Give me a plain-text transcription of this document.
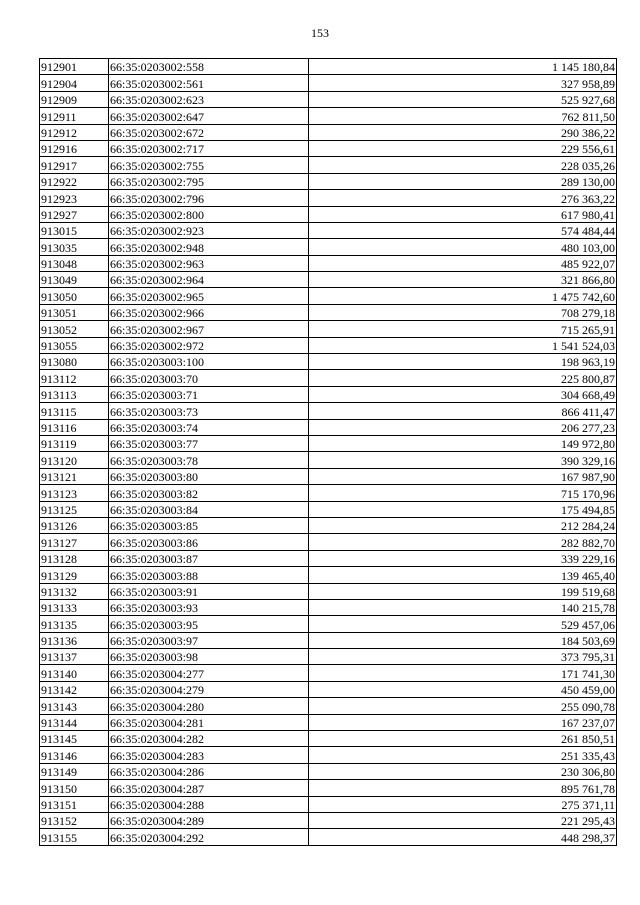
153
912901	66:35:0203002:558	1 145 180,84
912904	66:35:0203002:561	327 958,89
912909	66:35:0203002:623	525 927,68
912911	66:35:0203002:647	762 811,50
912912	66:35:0203002:672	290 386,22
912916	66:35:0203002:717	229 556,61
912917	66:35:0203002:755	228 035,26
912922	66:35:0203002:795	289 130,00
912923	66:35:0203002:796	276 363,22
912927	66:35:0203002:800	617 980,41
913015	66:35:0203002:923	574 484,44
913035	66:35:0203002:948	480 103,00
913048	66:35:0203002:963	485 922,07
913049	66:35:0203002:964	321 866,80
913050	66:35:0203002:965	1 475 742,60
913051	66:35:0203002:966	708 279,18
913052	66:35:0203002:967	715 265,91
913055	66:35:0203002:972	1 541 524,03
913080	66:35:0203003:100	198 963,19
913112	66:35:0203003:70	225 800,87
913113	66:35:0203003:71	304 668,49
913115	66:35:0203003:73	866 411,47
913116	66:35:0203003:74	206 277,23
913119	66:35:0203003:77	149 972,80
913120	66:35:0203003:78	390 329,16
913121	66:35:0203003:80	167 987,90
913123	66:35:0203003:82	715 170,96
913125	66:35:0203003:84	175 494,85
913126	66:35:0203003:85	212 284,24
913127	66:35:0203003:86	282 882,70
913128	66:35:0203003:87	339 229,16
913129	66:35:0203003:88	139 465,40
913132	66:35:0203003:91	199 519,68
913133	66:35:0203003:93	140 215,78
913135	66:35:0203003:95	529 457,06
913136	66:35:0203003:97	184 503,69
913137	66:35:0203003:98	373 795,31
913140	66:35:0203004:277	171 741,30
913142	66:35:0203004:279	450 459,00
913143	66:35:0203004:280	255 090,78
913144	66:35:0203004:281	167 237,07
913145	66:35:0203004:282	261 850,51
913146	66:35:0203004:283	251 335,43
913149	66:35:0203004:286	230 306,80
913150	66:35:0203004:287	895 761,78
913151	66:35:0203004:288	275 371,11
913152	66:35:0203004:289	221 295,43
913155	66:35:0203004:292	448 298,37
